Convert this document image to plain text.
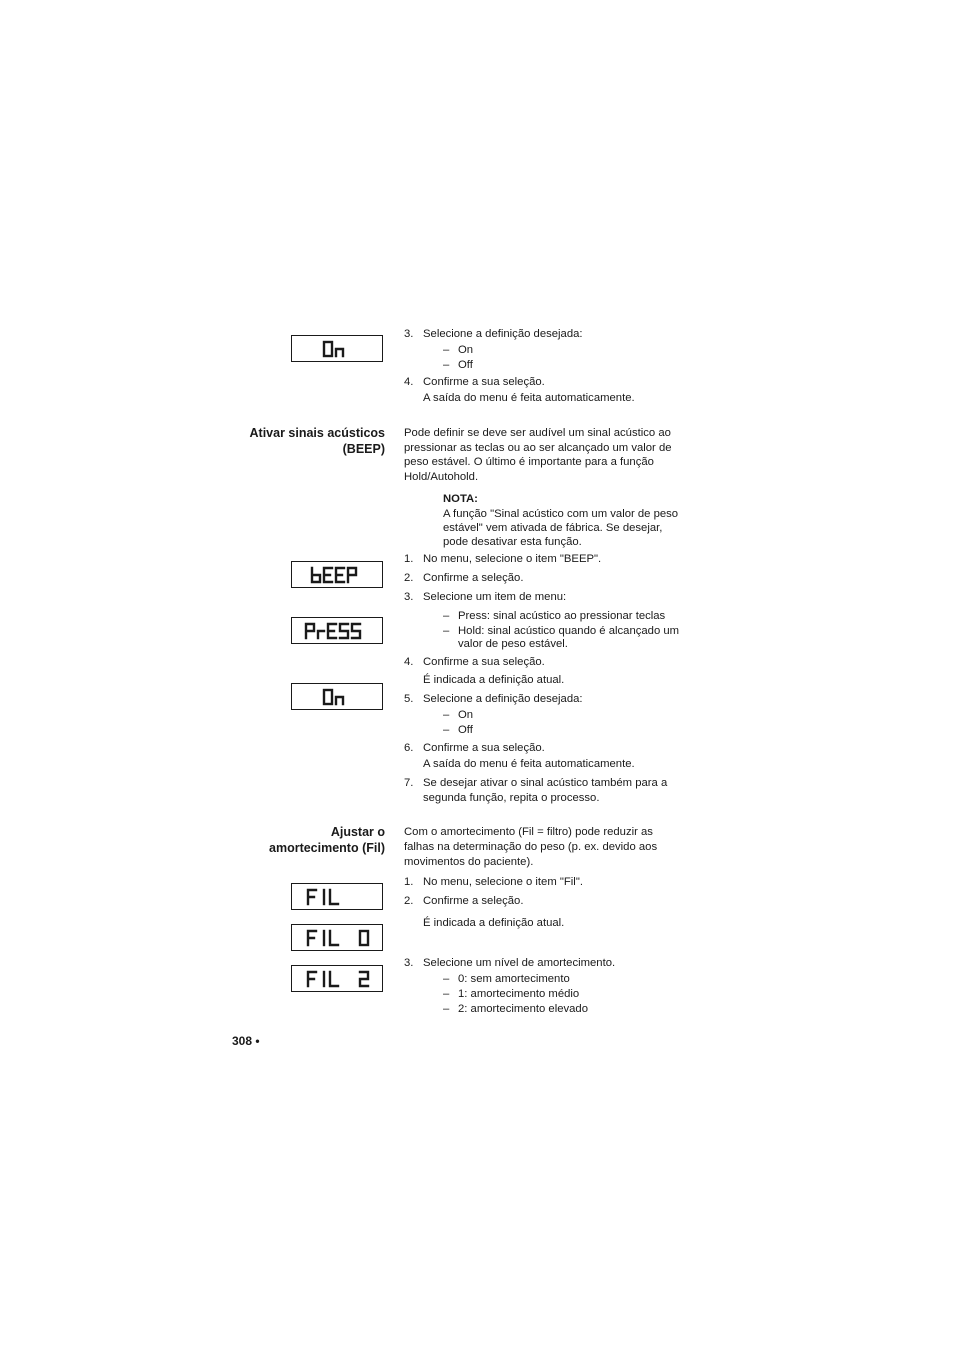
3. Selecione a definição desejada:
– On
– Off
4. Confirme a sua seleção.
A saída do menu é feita automaticamente.
Ativar sinais acústicos
(BEEP)
Pode definir se deve ser audível um sinal acústico ao
pressionar as teclas ou ao ser alcançado um valor de
peso estável. O último é importante para a função
Hold/Autohold.
NOTA:
A função "Sinal acústico com um valor de peso
estável" vem ativada de fábrica. Se desejar,
pode desativar esta função.
1. No menu, selecione o item "BEEP".
2. Confirme a seleção.
3. Selecione um item de menu:
– Press: sinal acústico ao pressionar teclas
– Hold: sinal acústico quando é alcançado um
valor de peso estável.
4. Confirme a sua seleção.
É indicada a definição atual.
5. Selecione a definição desejada:
– On
– Off
6. Confirme a sua seleção.
A saída do menu é feita automaticamente.
7. Se desejar ativar o sinal acústico também para a
segunda função, repita o processo.
Ajustar o
amortecimento (Fil)
Com o amortecimento (Fil = filtro) pode reduzir as
falhas na determinação do peso (p. ex. devido aos
movimentos do paciente).
1. No menu, selecione o item "Fil".
2. Confirme a seleção.
É indicada a definição atual.
3. Selecione um nível de amortecimento.
– 0: sem amortecimento
– 1: amortecimento médio
– 2: amortecimento elevado
308 •
